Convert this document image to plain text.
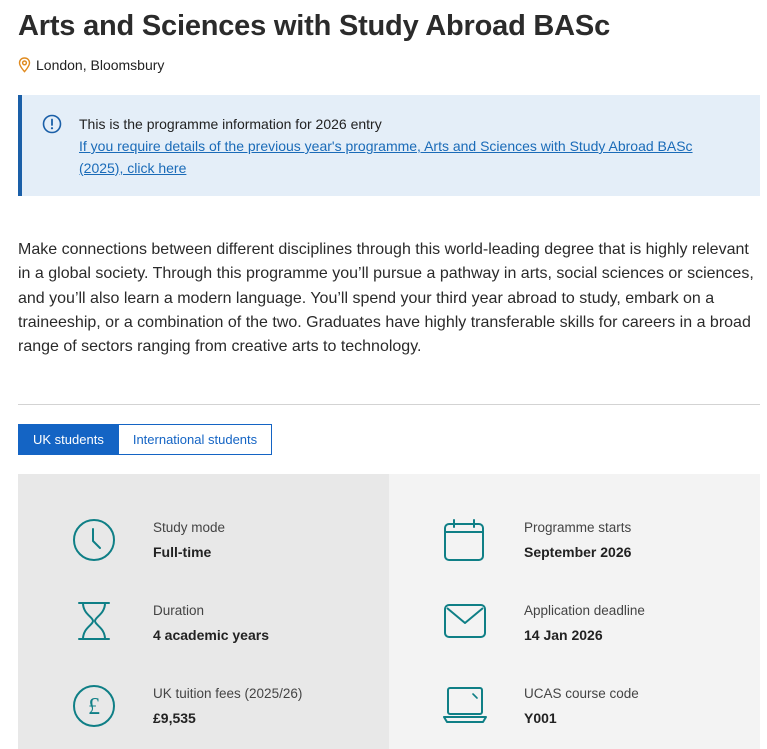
Arts and Sciences with Study Abroad BASc
London, Bloomsbury
This is the programme information for 2026 entry
If you require details of the previous year's programme, Arts and Sciences with Study Abroad BASc (2025), click here

Make connections between different disciplines through this world-leading degree that is highly relevant in a global society. Through this programme you’ll pursue a pathway in arts, social sciences or sciences, and you’ll also learn a modern language. You’ll spend your third year abroad to study, embark on a traineeship, or a combination of the two. Graduates have highly transferable skills for careers in a broad range of sectors ranging from creative arts to technology.

UK students	International students
Study mode
Full-time
Duration
4 academic years
£
UK tuition fees (2025/26)
£9,535
Programme starts
September 2026
Application deadline
14 Jan 2026
UCAS course code
Y001
